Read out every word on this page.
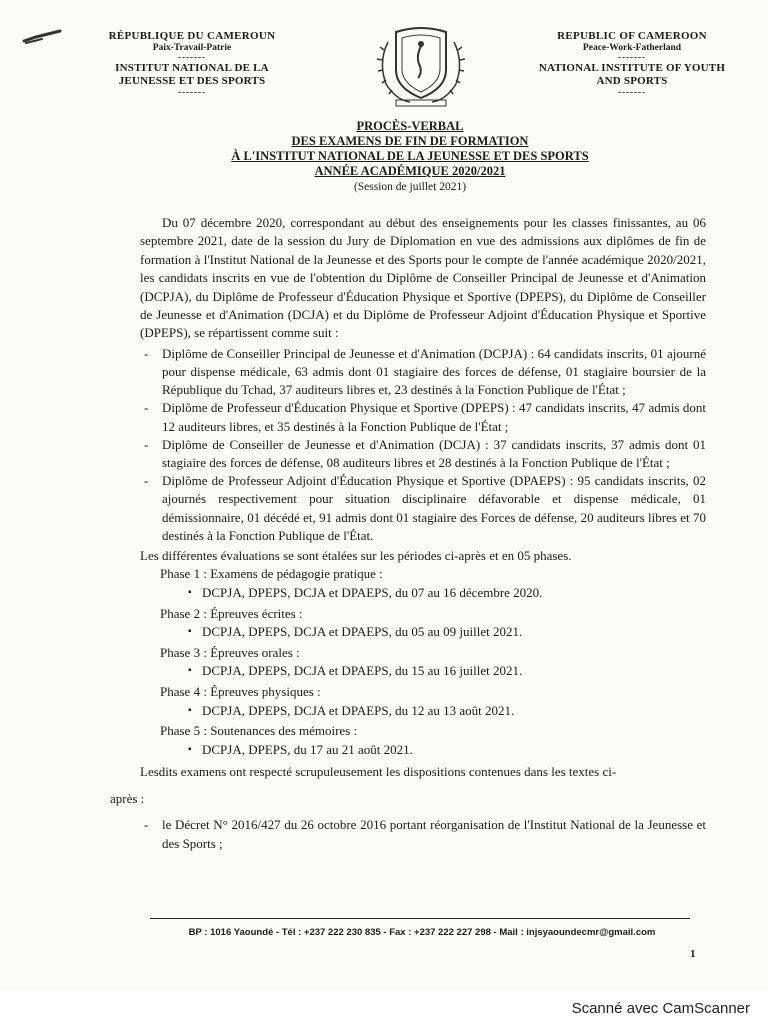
RÉPUBLIQUE DU CAMEROUN
Paix-Travail-Patrie
-------
INSTITUT NATIONAL DE LA
JEUNESSE ET DES SPORTS
-------
REPUBLIC OF CAMEROON
Peace-Work-Fatherland
-------
NATIONAL INSTITUTE OF YOUTH
AND SPORTS
-------
PROCÈS-VERBAL
DES EXAMENS DE FIN DE FORMATION
À L'INSTITUT NATIONAL DE LA JEUNESSE ET DES SPORTS
ANNÉE ACADÉMIQUE 2020/2021
(Session de juillet 2021)

Du 07 décembre 2020, correspondant au début des enseignements pour les classes finissantes, au 06 septembre 2021, date de la session du Jury de Diplomation en vue des admissions aux diplômes de fin de formation à l'Institut National de la Jeunesse et des Sports pour le compte de l'année académique 2020/2021, les candidats inscrits en vue de l'obtention du Diplôme de Conseiller Principal de Jeunesse et d'Animation (DCPJA), du Diplôme de Professeur d'Éducation Physique et Sportive (DPEPS), du Diplôme de Conseiller de Jeunesse et d'Animation (DCJA) et du Diplôme de Professeur Adjoint d'Éducation Physique et Sportive (DPEPS), se répartissent comme suit :

- Diplôme de Conseiller Principal de Jeunesse et d'Animation (DCPJA) : 64 candidats inscrits, 01 ajourné pour dispense médicale, 63 admis dont 01 stagiaire des forces de défense, 01 stagiaire boursier de la République du Tchad, 37 auditeurs libres et, 23 destinés à la Fonction Publique de l'État ;
- Diplôme de Professeur d'Éducation Physique et Sportive (DPEPS) : 47 candidats inscrits, 47 admis dont 12 auditeurs libres, et 35 destinés à la Fonction Publique de l'État ;
- Diplôme de Conseiller de Jeunesse et d'Animation (DCJA) : 37 candidats inscrits, 37 admis dont 01 stagiaire des forces de défense, 08 auditeurs libres et 28 destinés à la Fonction Publique de l'État ;
- Diplôme de Professeur Adjoint d'Éducation Physique et Sportive (DPAEPS) : 95 candidats inscrits, 02 ajournés respectivement pour situation disciplinaire défavorable et dispense médicale, 01 démissionnaire, 01 décédé et, 91 admis dont 01 stagiaire des Forces de défense, 20 auditeurs libres et 70 destinés à la Fonction Publique de l'État.

Les différentes évaluations se sont étalées sur les périodes ci-après et en 05 phases.

Phase 1 : Examens de pédagogie pratique :
▪ DCPJA, DPEPS, DCJA et DPAEPS, du 07 au 16 décembre 2020.
Phase 2 : Épreuves écrites :
▪ DCPJA, DPEPS, DCJA et DPAEPS, du 05 au 09 juillet 2021.
Phase 3 : Épreuves orales :
▪ DCPJA, DPEPS, DCJA et DPAEPS, du 15 au 16 juillet 2021.
Phase 4 : Épreuves physiques :
▪ DCPJA, DPEPS, DCJA et DPAEPS, du 12 au 13 août 2021.
Phase 5 : Soutenances des mémoires :
▪ DCPJA, DPEPS, du 17 au 21 août 2021.

Lesdits examens ont respecté scrupuleusement les dispositions contenues dans les textes ci-

après :
- le Décret N° 2016/427 du 26 octobre 2016 portant réorganisation de l'Institut National de la Jeunesse et des Sports ;
BP : 1016 Yaoundé - Tél : +237 222 230 835 - Fax : +237 222 227 298 - Mail : injsyaoundecmr@gmail.com
1
Scanné avec CamScanner
